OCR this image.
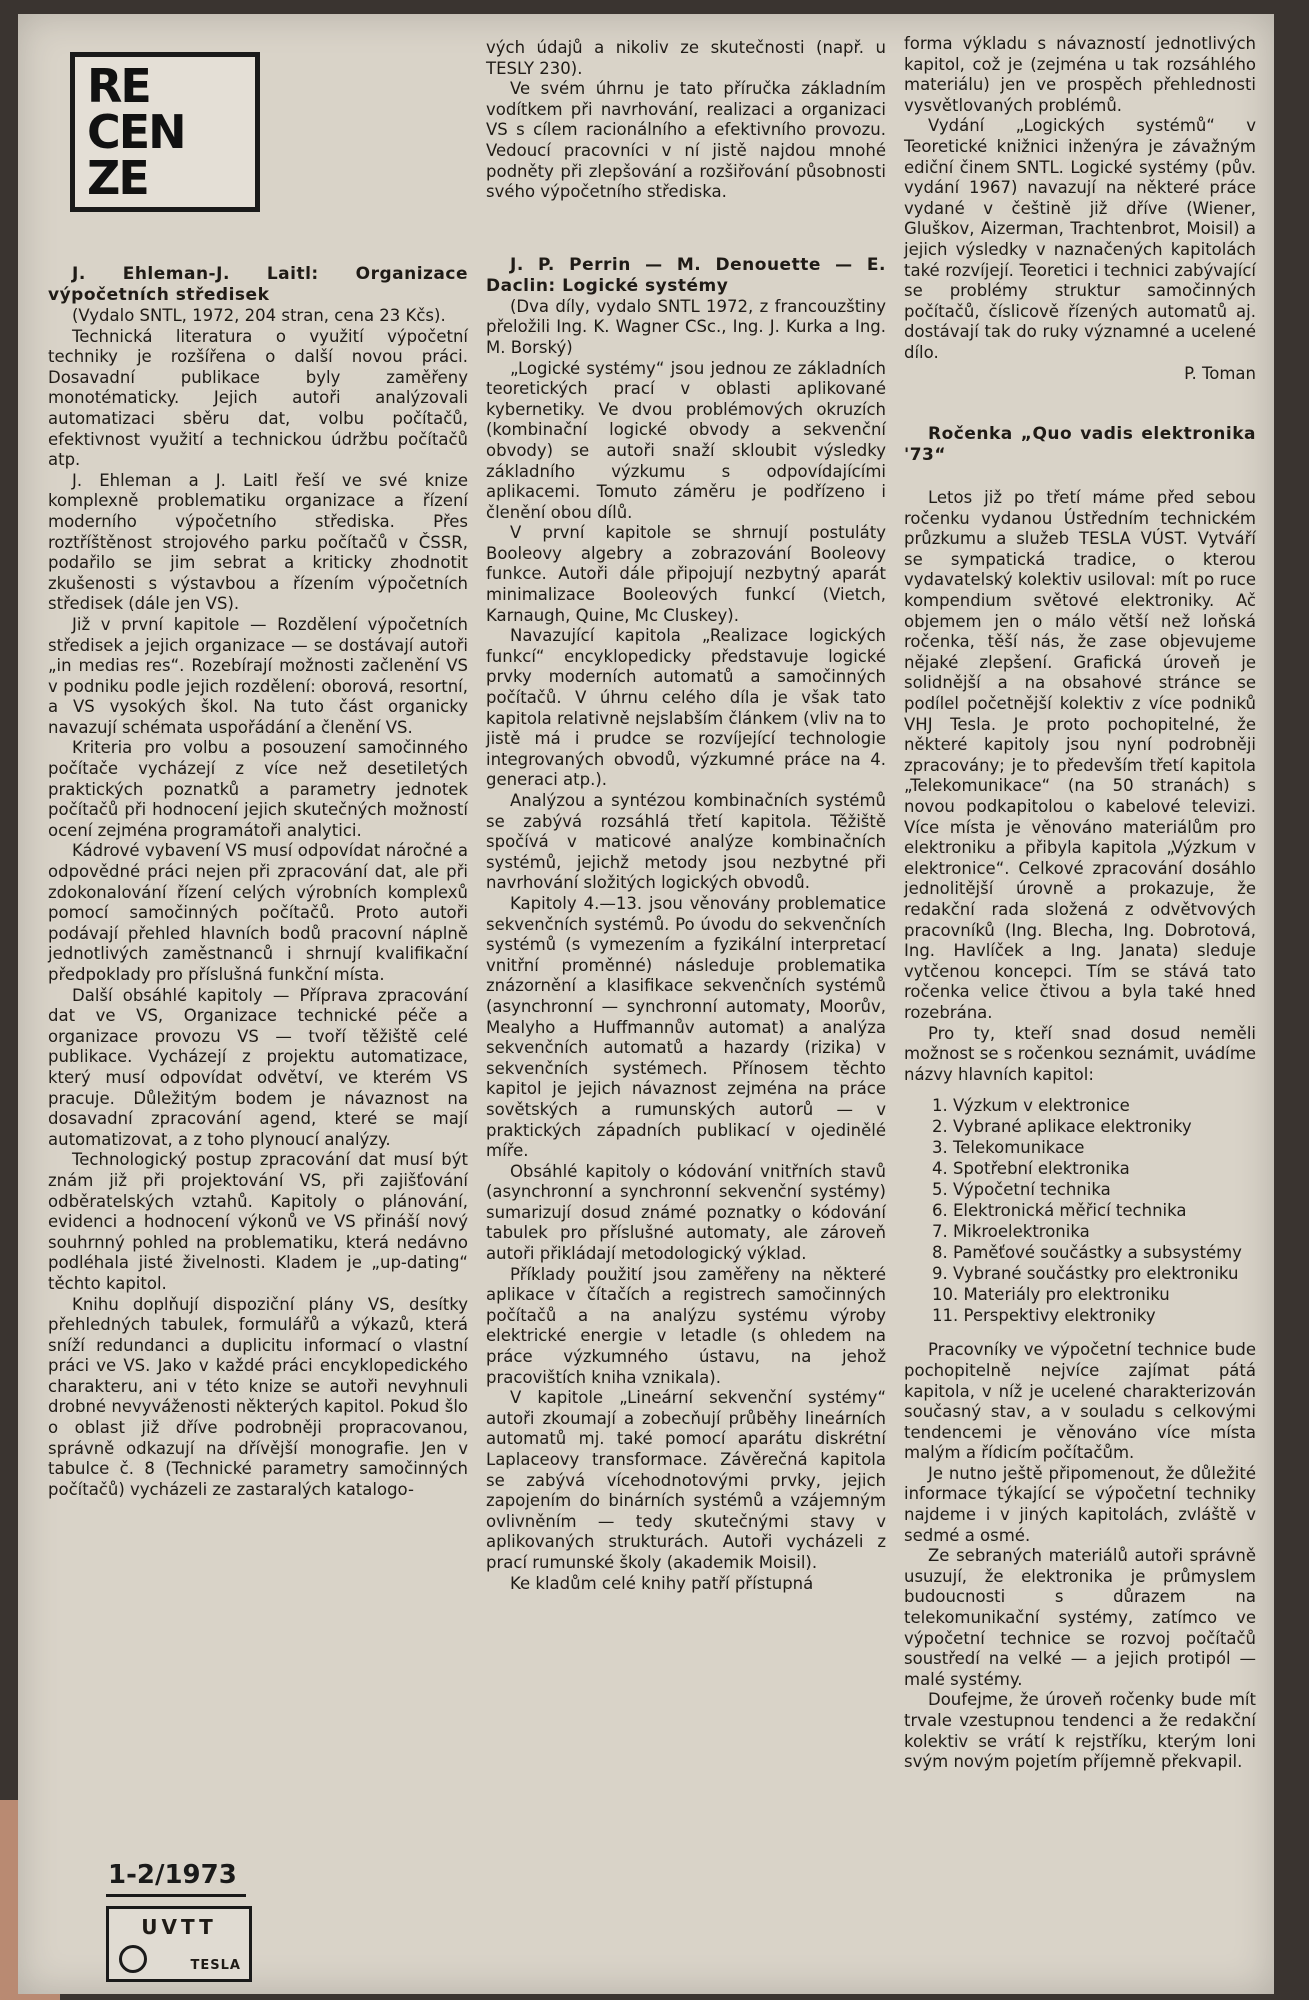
RE
CEN
ZE

J. Ehleman-J. Laitl: Organizace výpočetních středisek

(Vydalo SNTL, 1972, 204 stran, cena 23 Kčs).

Technická literatura o využití výpočetní techniky je rozšířena o další novou práci. Dosavadní publikace byly zaměřeny monotématicky. Jejich autoři analýzovali automatizaci sběru dat, volbu počítačů, efektivnost využití a technickou údržbu počítačů atp.

J. Ehleman a J. Laitl řeší ve své knize komplexně problematiku organizace a řízení moderního výpočetního střediska. Přes roztříštěnost strojového parku počítačů v ČSSR, podařilo se jim sebrat a kriticky zhodnotit zkušenosti s výstavbou a řízením výpočetních středisek (dále jen VS).

Již v první kapitole — Rozdělení výpočetních středisek a jejich organizace — se dostávají autoři „in medias res“. Rozebírají možnosti začlenění VS v podniku podle jejich rozdělení: oborová, resortní, a VS vysokých škol. Na tuto část organicky navazují schémata uspořádání a členění VS.

Kriteria pro volbu a posouzení samočinného počítače vycházejí z více než desetiletých praktických poznatků a parametry jednotek počítačů při hodnocení jejich skutečných možností ocení zejména programátoři analytici.

Kádrové vybavení VS musí odpovídat náročné a odpovědné práci nejen při zpracování dat, ale při zdokonalování řízení celých výrobních komplexů pomocí samočinných počítačů. Proto autoři podávají přehled hlavních bodů pracovní náplně jednotlivých zaměstnanců i shrnují kvalifikační předpoklady pro příslušná funkční místa.

Další obsáhlé kapitoly — Příprava zpracování dat ve VS, Organizace technické péče a organizace provozu VS — tvoří těžiště celé publikace. Vycházejí z projektu automatizace, který musí odpovídat odvětví, ve kterém VS pracuje. Důležitým bodem je návaznost na dosavadní zpracování agend, které se mají automatizovat, a z toho plynoucí analýzy.

Technologický postup zpracování dat musí být znám již při projektování VS, při zajišťování odběratelských vztahů. Kapitoly o plánování, evidenci a hodnocení výkonů ve VS přináší nový souhrnný pohled na problematiku, která nedávno podléhala jisté živelnosti. Kladem je „up-dating“ těchto kapitol.

Knihu doplňují dispoziční plány VS, desítky přehledných tabulek, formulářů a výkazů, která sníží redundanci a duplicitu informací o vlastní práci ve VS. Jako v každé práci encyklopedického charakteru, ani v této knize se autoři nevyhnuli drobné nevyváženosti některých kapitol. Pokud šlo o oblast již dříve podrobněji propracovanou, správně odkazují na dřívější monografie. Jen v tabulce č. 8 (Technické parametry samočinných počítačů) vycházeli ze zastaralých katalogo-

vých údajů a nikoliv ze skutečnosti (např. u TESLY 230).

Ve svém úhrnu je tato příručka základním vodítkem při navrhování, realizaci a organizaci VS s cílem racionálního a efektivního provozu. Vedoucí pracovníci v ní jistě najdou mnohé podněty při zlepšování a rozšiřování působnosti svého výpočetního střediska.

J. P. Perrin — M. Denouette — E. Daclin: Logické systémy

(Dva díly, vydalo SNTL 1972, z francouzštiny přeložili Ing. K. Wagner CSc., Ing. J. Kurka a Ing. M. Borský)

„Logické systémy“ jsou jednou ze základních teoretických prací v oblasti aplikované kybernetiky. Ve dvou problémových okruzích (kombinační logické obvody a sekvenční obvody) se autoři snaží skloubit výsledky základního výzkumu s odpovídajícími aplikacemi. Tomuto záměru je podřízeno i členění obou dílů.

V první kapitole se shrnují postuláty Booleovy algebry a zobrazování Booleovy funkce. Autoři dále připojují nezbytný aparát minimalizace Booleových funkcí (Vietch, Karnaugh, Quine, Mc Cluskey).

Navazující kapitola „Realizace logických funkcí“ encyklopedicky představuje logické prvky moderních automatů a samočinných počítačů. V úhrnu celého díla je však tato kapitola relativně nejslabším článkem (vliv na to jistě má i prudce se rozvíjející technologie integrovaných obvodů, výzkumné práce na 4. generaci atp.).

Analýzou a syntézou kombinačních systémů se zabývá rozsáhlá třetí kapitola. Těžiště spočívá v maticové analýze kombinačních systémů, jejichž metody jsou nezbytné při navrhování složitých logických obvodů.

Kapitoly 4.—13. jsou věnovány problematice sekvenčních systémů. Po úvodu do sekvenčních systémů (s vymezením a fyzikální interpretací vnitřní proměnné) následuje problematika znázornění a klasifikace sekvenčních systémů (asynchronní — synchronní automaty, Moorův, Mealyho a Huffmannův automat) a analýza sekvenčních automatů a hazardy (rizika) v sekvenčních systémech. Přínosem těchto kapitol je jejich návaznost zejména na práce sovětských a rumunských autorů — v praktických západních publikací v ojedinělé míře.

Obsáhlé kapitoly o kódování vnitřních stavů (asynchronní a synchronní sekvenční systémy) sumarizují dosud známé poznatky o kódování tabulek pro příslušné automaty, ale zároveň autoři přikládají metodologický výklad.

Příklady použití jsou zaměřeny na některé aplikace v čítačích a registrech samočinných počítačů a na analýzu systému výroby elektrické energie v letadle (s ohledem na práce výzkumného ústavu, na jehož pracovištích kniha vznikala).

V kapitole „Lineární sekvenční systémy“ autoři zkoumají a zobecňují průběhy lineárních automatů mj. také pomocí aparátu diskrétní Laplaceovy transformace. Závěrečná kapitola se zabývá vícehodnotovými prvky, jejich zapojením do binárních systémů a vzájemným ovlivněním — tedy skutečnými stavy v aplikovaných strukturách. Autoři vycházeli z prací rumunské školy (akademik Moisil).

Ke kladům celé knihy patří přístupná

forma výkladu s návazností jednotlivých kapitol, což je (zejména u tak rozsáhlého materiálu) jen ve prospěch přehlednosti vysvětlovaných problémů.

Vydání „Logických systémů“ v Teoretické knižnici inženýra je závažným ediční činem SNTL. Logické systémy (pův. vydání 1967) navazují na některé práce vydané v češtině již dříve (Wiener, Gluškov, Aizerman, Trachtenbrot, Moisil) a jejich výsledky v naznačených kapitolách také rozvíjejí. Teoretici i technici zabývající se problémy struktur samočinných počítačů, číslicově řízených automatů aj. dostávají tak do ruky významné a ucelené dílo.

P. Toman

Ročenka „Quo vadis elektronika '73“

Letos již po třetí máme před sebou ročenku vydanou Ústředním technickém průzkumu a služeb TESLA VÚST. Vytváří se sympatická tradice, o kterou vydavatelský kolektiv usiloval: mít po ruce kompendium světové elektroniky. Ač objemem jen o málo větší než loňská ročenka, těší nás, že zase objevujeme nějaké zlepšení. Grafická úroveň je solidnější a na obsahové stránce se podílel početnější kolektiv z více podniků VHJ Tesla. Je proto pochopitelné, že některé kapitoly jsou nyní podrobněji zpracovány; je to především třetí kapitola „Telekomunikace“ (na 50 stranách) s novou podkapitolou o kabelové televizi. Více místa je věnováno materiálům pro elektroniku a přibyla kapitola „Výzkum v elektronice“. Celkové zpracování dosáhlo jednolitější úrovně a prokazuje, že redakční rada složená z odvětvových pracovníků (Ing. Blecha, Ing. Dobrotová, Ing. Havlíček a Ing. Janata) sleduje vytčenou koncepci. Tím se stává tato ročenka velice čtivou a byla také hned rozebrána.

Pro ty, kteří snad dosud neměli možnost se s ročenkou seznámit, uvádíme názvy hlavních kapitol:

1. Výzkum v elektronice
2. Vybrané aplikace elektroniky
3. Telekomunikace
4. Spotřební elektronika
5. Výpočetní technika
6. Elektronická měřicí technika
7. Mikroelektronika
8. Paměťové součástky a subsystémy
9. Vybrané součástky pro elektroniku
10. Materiály pro elektroniku
11. Perspektivy elektroniky

Pracovníky ve výpočetní technice bude pochopitelně nejvíce zajímat pátá kapitola, v níž je ucelené charakterizován současný stav, a v souladu s celkovými tendencemi je věnováno více místa malým a řídicím počítačům.

Je nutno ještě připomenout, že důležité informace týkající se výpočetní techniky najdeme i v jiných kapitolách, zvláště v sedmé a osmé.

Ze sebraných materiálů autoři správně usuzují, že elektronika je průmyslem budoucnosti s důrazem na telekomunikační systémy, zatímco ve výpočetní technice se rozvoj počítačů soustředí na velké — a jejich protipól — malé systémy.

Doufejme, že úroveň ročenky bude mít trvale vzestupnou tendenci a že redakční kolektiv se vrátí k rejstříku, kterým loni svým novým pojetím příjemně překvapil.

1-2/1973
UVTT
TESLA
